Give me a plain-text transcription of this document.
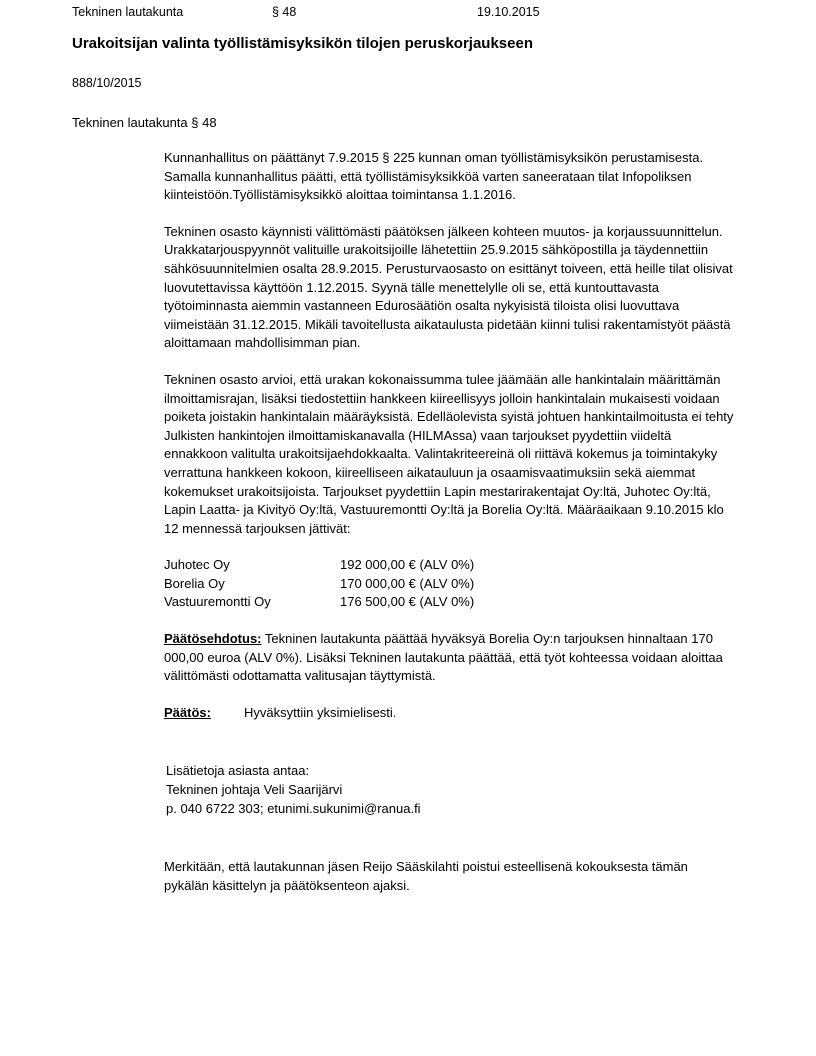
Tekninen lautakunta	§ 48	19.10.2015
Urakoitsijan valinta työllistämisyksikön tilojen peruskorjaukseen
888/10/2015
Tekninen lautakunta § 48

Kunnanhallitus on päättänyt 7.9.2015 § 225 kunnan oman työllistämisyksikön perustamisesta. Samalla kunnanhallitus päätti, että työllistämisyksikköä varten saneerataan tilat Infopoliksen kiinteistöön.Työllistämisyksikkö aloittaa toimintansa 1.1.2016.

Tekninen osasto käynnisti välittömästi päätöksen jälkeen kohteen muutos- ja korjaussuunnittelun. Urakkatarjouspyynnöt valituille urakoitsijoille lähetettiin 25.9.2015 sähköpostilla ja täydennettiin sähkösuunnitelmien osalta 28.9.2015. Perusturvaosasto on esittänyt toiveen, että heille tilat olisivat luovutettavissa käyttöön 1.12.2015. Syynä tälle menettelylle oli se, että kuntouttavasta työtoiminnasta aiemmin vastanneen Edurosäätiön osalta nykyisistä tiloista olisi luovuttava viimeistään 31.12.2015. Mikäli tavoitellusta aikataulusta pidetään kiinni tulisi rakentamistyöt päästä aloittamaan mahdollisimman pian.

Tekninen osasto arvioi, että urakan kokonaissumma tulee jäämään alle hankintalain määrittämän ilmoittamisrajan, lisäksi tiedostettiin hankkeen kiireellisyys jolloin hankintalain mukaisesti voidaan poiketa joistakin hankintalain määräyksistä. Edelläolevista syistä johtuen hankintailmoitusta ei tehty Julkisten hankintojen ilmoittamiskanavalla (HILMAssa) vaan tarjoukset pyydettiin viideltä ennakkoon valitulta urakoitsijaehdokkaalta. Valintakriteereinä oli riittävä kokemus ja toimintakyky verrattuna hankkeen kokoon, kiireelliseen aikatauluun ja osaamisvaatimuksiin sekä aiemmat kokemukset urakoitsijoista. Tarjoukset pyydettiin Lapin mestarirakentajat Oy:ltä, Juhotec Oy:ltä, Lapin Laatta- ja Kivityö Oy:ltä, Vastuuremontti Oy:ltä ja Borelia Oy:ltä. Määräaikaan 9.10.2015 klo 12 mennessä tarjouksen jättivät:

Juhotec Oy	192 000,00 € (ALV 0%)
Borelia Oy	170 000,00 € (ALV 0%)
Vastuuremontti Oy	176 500,00 € (ALV 0%)

Päätösehdotus: Tekninen lautakunta päättää hyväksyä Borelia Oy:n tarjouksen hinnaltaan 170 000,00 euroa (ALV 0%). Lisäksi Tekninen lautakunta päättää, että työt kohteessa voidaan aloittaa välittömästi odottamatta valitusajan täyttymistä.

Päätös:	Hyväksyttiin yksimielisesti.
Lisätietoja asiasta antaa:
Tekninen johtaja Veli Saarijärvi
p. 040 6722 303; etunimi.sukunimi@ranua.fi

Merkitään, että lautakunnan jäsen Reijo Sääskilahti poistui esteellisenä kokouksesta tämän pykälän käsittelyn ja päätöksenteon ajaksi.
